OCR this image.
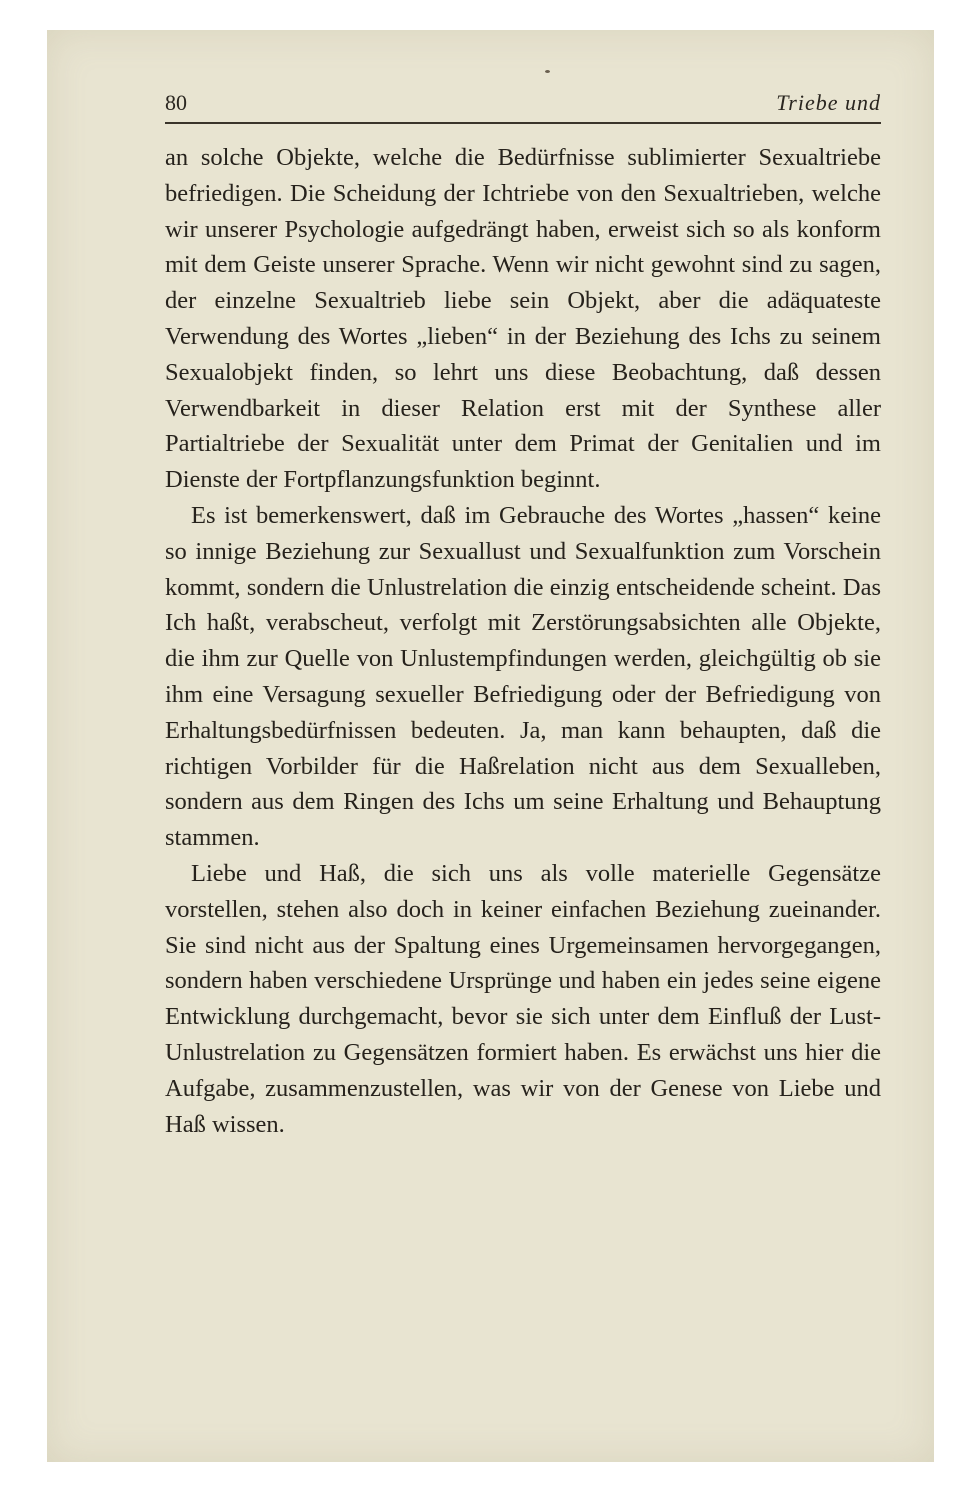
80	Triebe und

an solche Objekte, welche die Bedürfnisse sublimierter Sexualtriebe befriedigen. Die Scheidung der Ichtriebe von den Sexualtrieben, welche wir unserer Psychologie aufgedrängt haben, erweist sich so als konform mit dem Geiste unserer Sprache. Wenn wir nicht gewohnt sind zu sagen, der einzelne Sexualtrieb liebe sein Objekt, aber die adäquateste Verwendung des Wortes „lieben“ in der Beziehung des Ichs zu seinem Sexualobjekt finden, so lehrt uns diese Beobachtung, daß dessen Verwendbarkeit in dieser Relation erst mit der Synthese aller Partialtriebe der Sexualität unter dem Primat der Genitalien und im Dienste der Fortpflanzungsfunktion beginnt.

Es ist bemerkenswert, daß im Gebrauche des Wortes „hassen“ keine so innige Beziehung zur Sexuallust und Sexualfunktion zum Vorschein kommt, sondern die Unlustrelation die einzig entscheidende scheint. Das Ich haßt, verabscheut, verfolgt mit Zerstörungsabsichten alle Objekte, die ihm zur Quelle von Unlustempfindungen werden, gleichgültig ob sie ihm eine Versagung sexueller Befriedigung oder der Befriedigung von Erhaltungsbedürfnissen bedeuten. Ja, man kann behaupten, daß die richtigen Vorbilder für die Haßrelation nicht aus dem Sexualleben, sondern aus dem Ringen des Ichs um seine Erhaltung und Behauptung stammen.

Liebe und Haß, die sich uns als volle materielle Gegensätze vorstellen, stehen also doch in keiner einfachen Beziehung zueinander. Sie sind nicht aus der Spaltung eines Urgemeinsamen hervorgegangen, sondern haben verschiedene Ursprünge und haben ein jedes seine eigene Entwicklung durchgemacht, bevor sie sich unter dem Einfluß der Lust-Unlustrelation zu Gegensätzen formiert haben. Es erwächst uns hier die Aufgabe, zusammenzustellen, was wir von der Genese von Liebe und Haß wissen.
